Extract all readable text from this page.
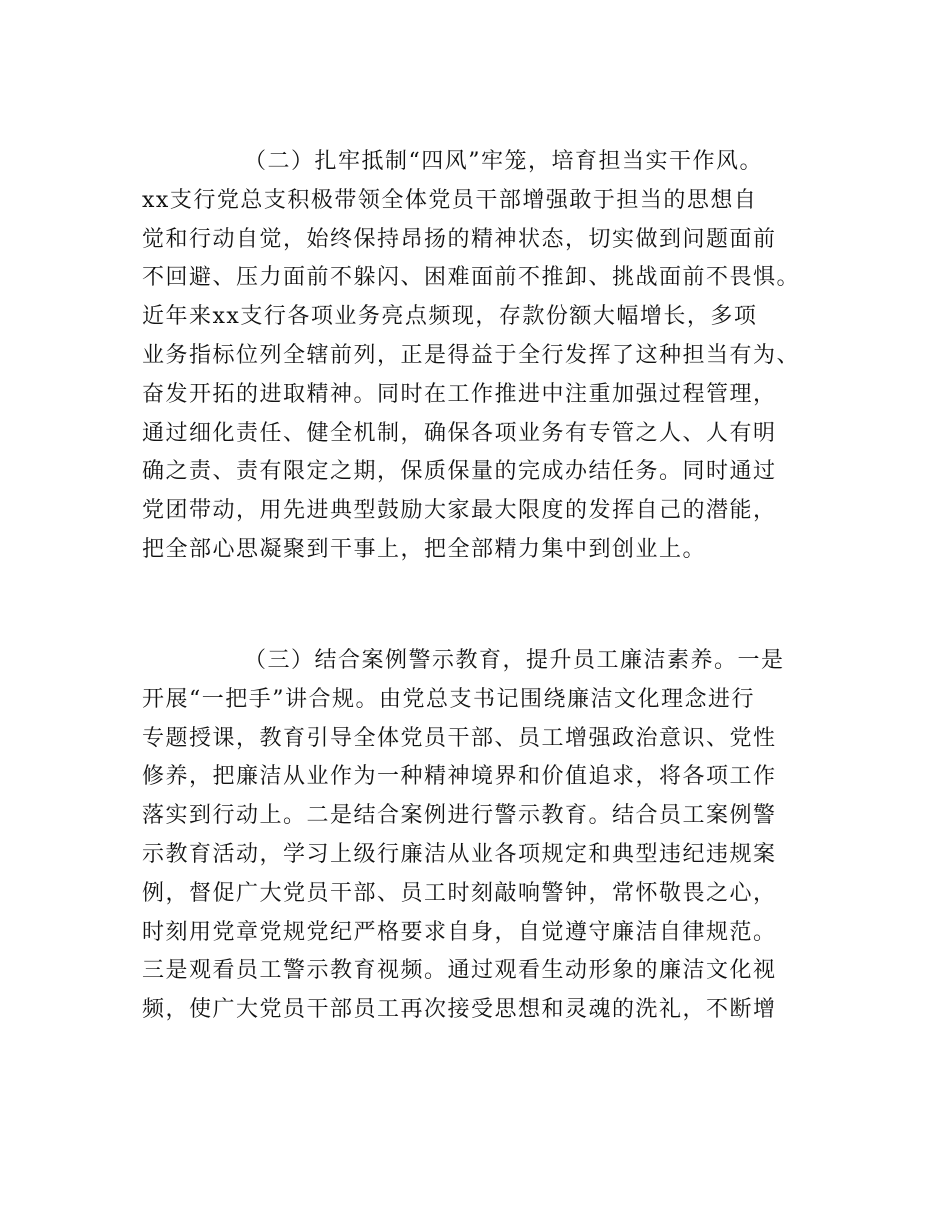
（二）扎牢抵制“四风”牢笼，培育担当实干作风。
xx支行党总支积极带领全体党员干部增强敢于担当的思想自
觉和行动自觉，始终保持昂扬的精神状态，切实做到问题面前
不回避、压力面前不躲闪、困难面前不推卸、挑战面前不畏惧。
近年来xx支行各项业务亮点频现，存款份额大幅增长，多项
业务指标位列全辖前列，正是得益于全行发挥了这种担当有为、
奋发开拓的进取精神。同时在工作推进中注重加强过程管理，
通过细化责任、健全机制，确保各项业务有专管之人、人有明
确之责、责有限定之期，保质保量的完成办结任务。同时通过
党团带动，用先进典型鼓励大家最大限度的发挥自己的潜能，
把全部心思凝聚到干事上，把全部精力集中到创业上。
（三）结合案例警示教育，提升员工廉洁素养。一是
开展“一把手”讲合规。由党总支书记围绕廉洁文化理念进行
专题授课，教育引导全体党员干部、员工增强政治意识、党性
修养，把廉洁从业作为一种精神境界和价值追求，将各项工作
落实到行动上。二是结合案例进行警示教育。结合员工案例警
示教育活动，学习上级行廉洁从业各项规定和典型违纪违规案
例，督促广大党员干部、员工时刻敲响警钟，常怀敬畏之心，
时刻用党章党规党纪严格要求自身，自觉遵守廉洁自律规范。
三是观看员工警示教育视频。通过观看生动形象的廉洁文化视
频，使广大党员干部员工再次接受思想和灵魂的洗礼，不断增
